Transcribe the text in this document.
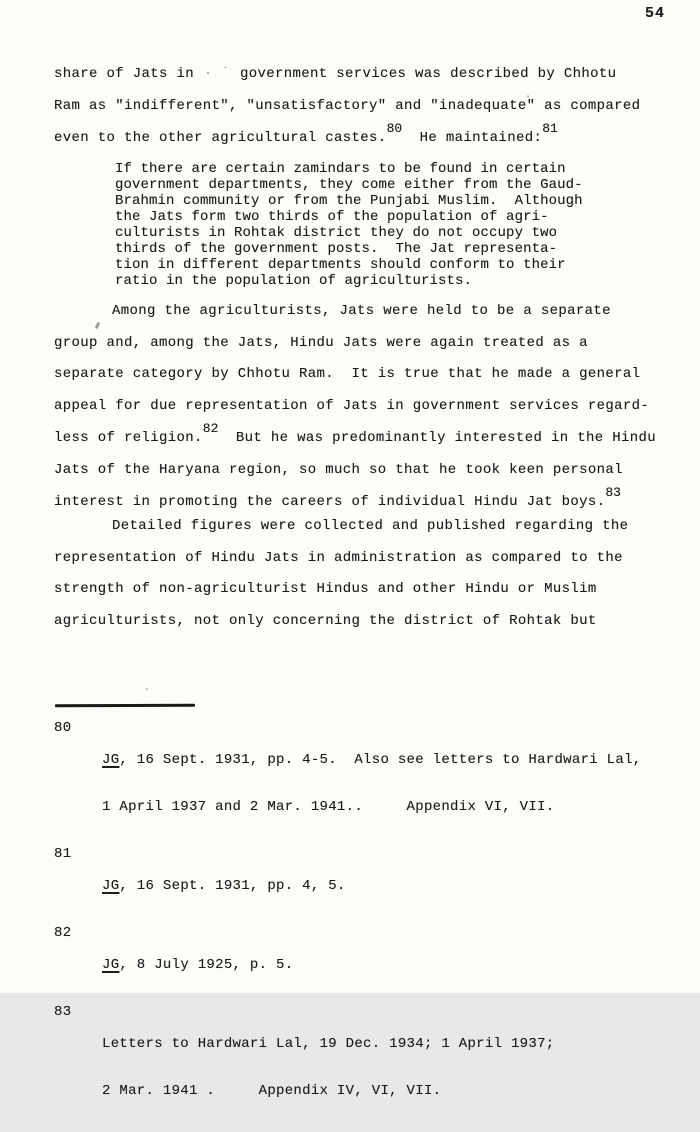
54
share of Jats in · ˙ government services was described by Chhotu
Ram as "indifferent", "unsatisfactory" and "inadequate" as compared
even to the other agricultural castes.80  He maintained:81
If there are certain zamindars to be found in certain
government departments, they come either from the Gaud-
Brahmin community or from the Punjabi Muslim.  Although
the Jats form two thirds of the population of agri-
culturists in Rohtak district they do not occupy two
thirds of the government posts.  The Jat representa-
tion in different departments should conform to their
ratio in the population of agriculturists.
Among the agriculturists, Jats were held to be a separate
group and, among the Jats, Hindu Jats were again treated as a
separate category by Chhotu Ram.  It is true that he made a general
appeal for due representation of Jats in government services regard-
less of religion.82  But he was predominantly interested in the Hindu
Jats of the Haryana region, so much so that he took keen personal
interest in promoting the careers of individual Hindu Jat boys.83
Detailed figures were collected and published regarding the
representation of Hindu Jats in administration as compared to the
strength of non-agriculturist Hindus and other Hindu or Muslim
agriculturists, not only concerning the district of Rohtak but
80

JG, 16 Sept. 1931, pp. 4-5.  Also see letters to Hardwari Lal,

1 April 1937 and 2 Mar. 1941..     Appendix VI, VII.

81

JG, 16 Sept. 1931, pp. 4, 5.

82

JG, 8 July 1925, p. 5.

83

Letters to Hardwari Lal, 19 Dec. 1934; 1 April 1937;

2 Mar. 1941 .     Appendix IV, VI, VII.
